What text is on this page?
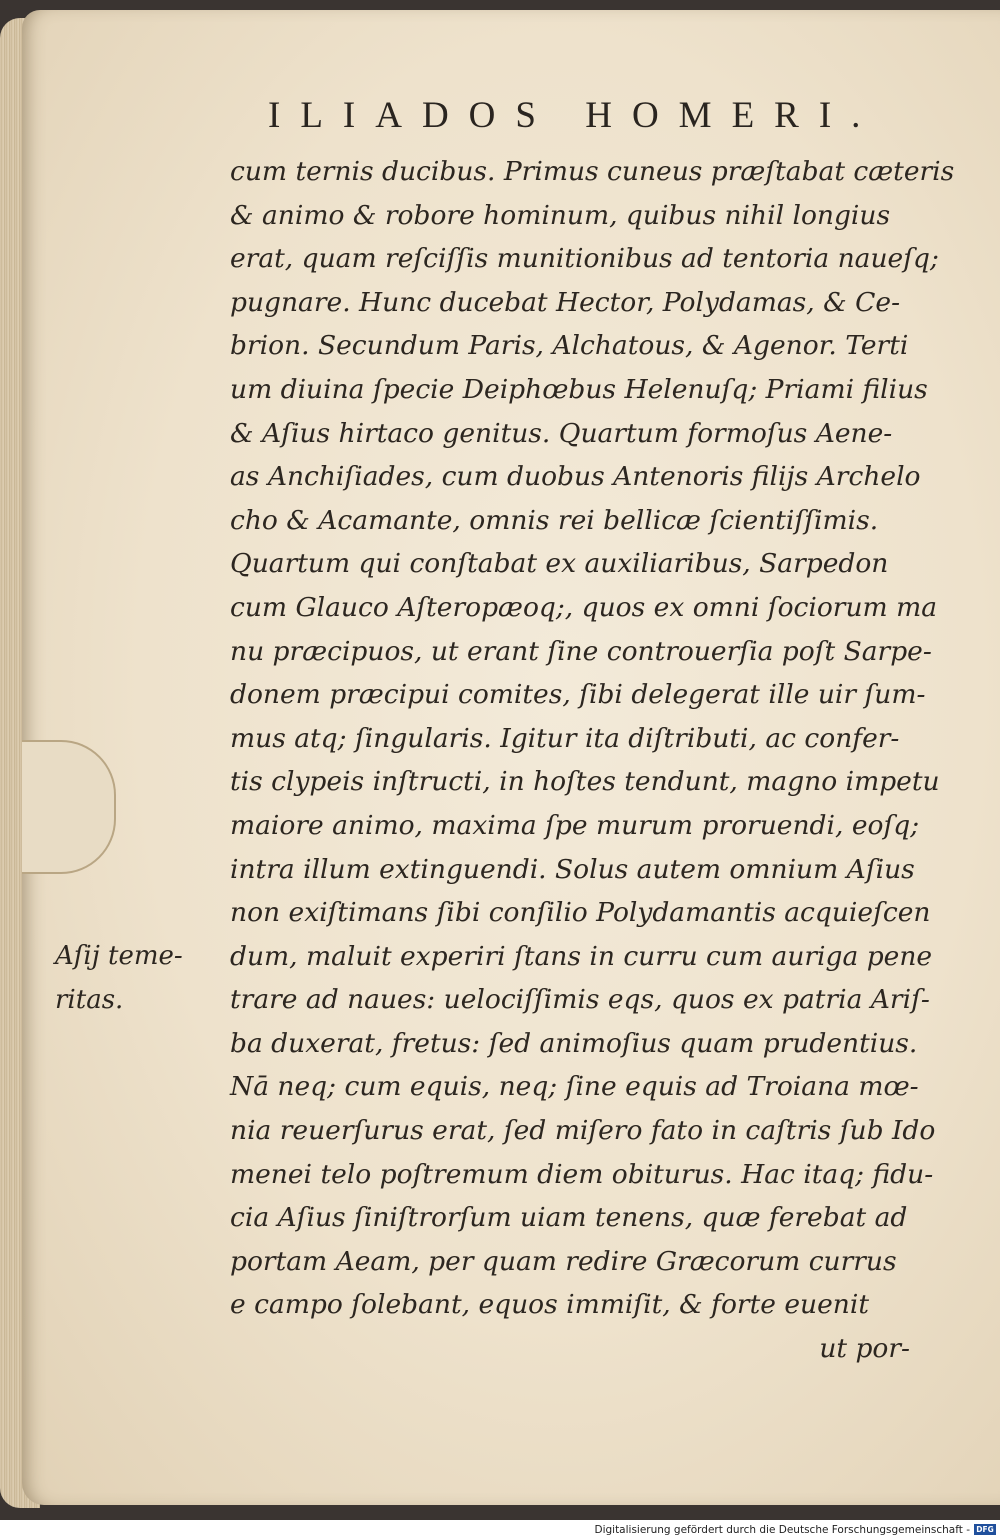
ILIADOS HOMERI.
Aſij teme-
ritas.
cum ternis ducibus. Primus cuneus præſtabat cæteris
& animo & robore hominum, quibus nihil longius
erat, quam reſciſſis munitionibus ad tentoria naueſq;
pugnare. Hunc ducebat Hector, Polydamas, & Ce-
brion. Secundum Paris, Alchatous, & Agenor. Terti
um diuina ſpecie Deiphœbus Helenuſq; Priami filius
& Aſius hirtaco genitus. Quartum formoſus Aene-
as Anchiſiades, cum duobus Antenoris filijs Archelo
cho & Acamante, omnis rei bellicæ ſcientiſſimis.
Quartum qui conſtabat ex auxiliaribus, Sarpedon
cum Glauco Aſteropæoq;, quos ex omni ſociorum ma
nu præcipuos, ut erant ſine controuerſia poſt Sarpe-
donem præcipui comites, ſibi delegerat ille uir ſum-
mus atq; ſingularis. Igitur ita diſtributi, ac confer-
tis clypeis inſtructi, in hoſtes tendunt, magno impetu
maiore animo, maxima ſpe murum proruendi, eoſq;
intra illum extinguendi. Solus autem omnium Aſius
non exiſtimans ſibi conſilio Polydamantis acquieſcen
dum, maluit experiri ſtans in curru cum auriga pene
trare ad naues: uelociſſimis eqs, quos ex patria Ariſ-
ba duxerat, fretus: ſed animoſius quam prudentius.
Nā neq; cum equis, neq; ſine equis ad Troiana mœ-
nia reuerſurus erat, ſed miſero fato in caſtris ſub Ido
menei telo poſtremum diem obiturus. Hac itaq; fidu-
cia Aſius ſiniſtrorſum uiam tenens, quæ ferebat ad
portam Aeam, per quam redire Græcorum currus
e campo ſolebant, equos immiſit, & forte euenit
ut por-
Digitalisierung gefördert durch die Deutsche Forschungsgemeinschaft - DFG
